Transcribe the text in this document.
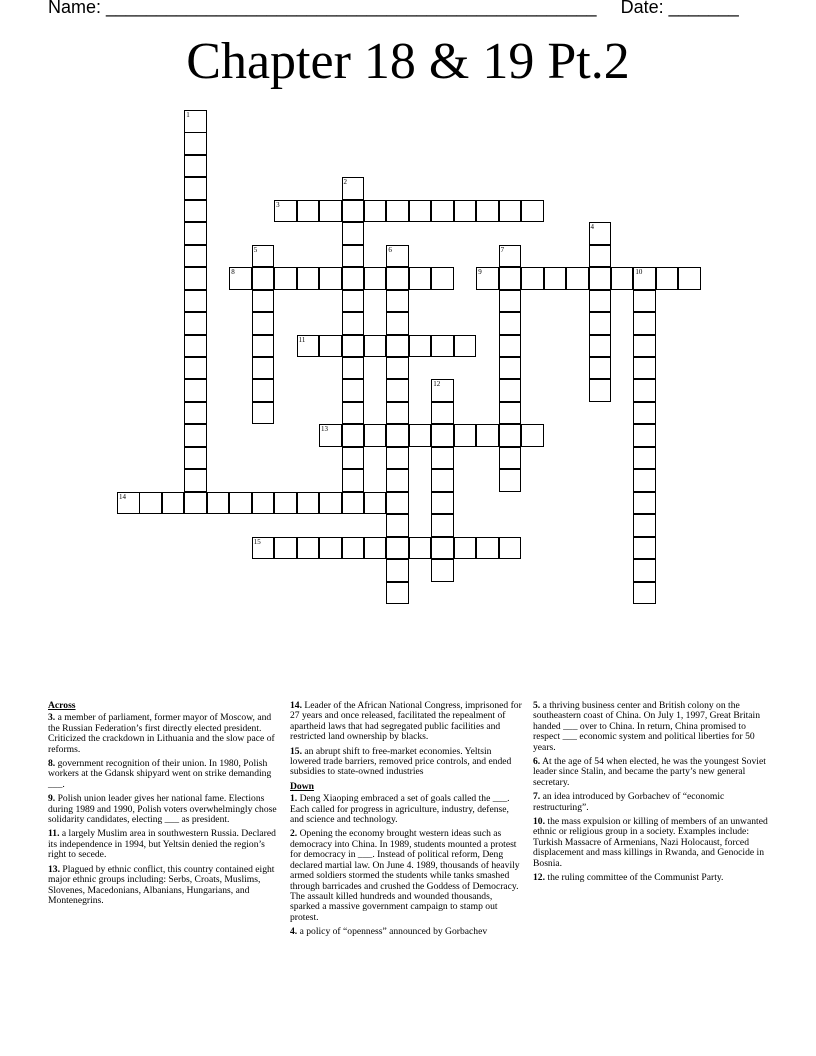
Name: _________________________________________________ Date: _______
Chapter 18 & 19 Pt.2
1
2
3
4
5	6	7
8	9	10
11
12
13
14
15
Across
3. a member of parliament, former mayor of Moscow, and the Russian Federation’s first directly elected president. Criticized the crackdown in Lithuania and the slow pace of reforms.
8. government recognition of their union. In 1980, Polish workers at the Gdansk shipyard went on strike demanding ___.
9. Polish union leader gives her national fame. Elections during 1989 and 1990, Polish voters overwhelmingly chose solidarity candidates, electing ___ as president.
11. a largely Muslim area in southwestern Russia. Declared its independence in 1994, but Yeltsin denied the region’s right to secede.
13. Plagued by ethnic conflict, this country contained eight major ethnic groups including: Serbs, Croats, Muslims, Slovenes, Macedonians, Albanians, Hungarians, and Montenegrins.
14. Leader of the African National Congress, imprisoned for 27 years and once released, facilitated the repealment of apartheid laws that had segregated public facilities and restricted land ownership by blacks.
15. an abrupt shift to free-market economies. Yeltsin lowered trade barriers, removed price controls, and ended subsidies to state-owned industries
Down
1. Deng Xiaoping embraced a set of goals called the ___. Each called for progress in agriculture, industry, defense, and science and technology.
2. Opening the economy brought western ideas such as democracy into China. In 1989, students mounted a protest for democracy in ___. Instead of political reform, Deng declared martial law. On June 4. 1989, thousands of heavily armed soldiers stormed the students while tanks smashed through barricades and crushed the Goddess of Democracy. The assault killed hundreds and wounded thousands, sparked a massive government campaign to stamp out protest.
4. a policy of “openness” announced by Gorbachev
5. a thriving business center and British colony on the southeastern coast of China. On July 1, 1997, Great Britain handed ___ over to China. In return, China promised to respect ___ economic system and political liberties for 50 years.
6. At the age of 54 when elected, he was the youngest Soviet leader since Stalin, and became the party’s new general secretary.
7. an idea introduced by Gorbachev of “economic restructuring”.
10. the mass expulsion or killing of members of an unwanted ethnic or religious group in a society. Examples include: Turkish Massacre of Armenians, Nazi Holocaust, forced displacement and mass killings in Rwanda, and Genocide in Bosnia.
12. the ruling committee of the Communist Party.
